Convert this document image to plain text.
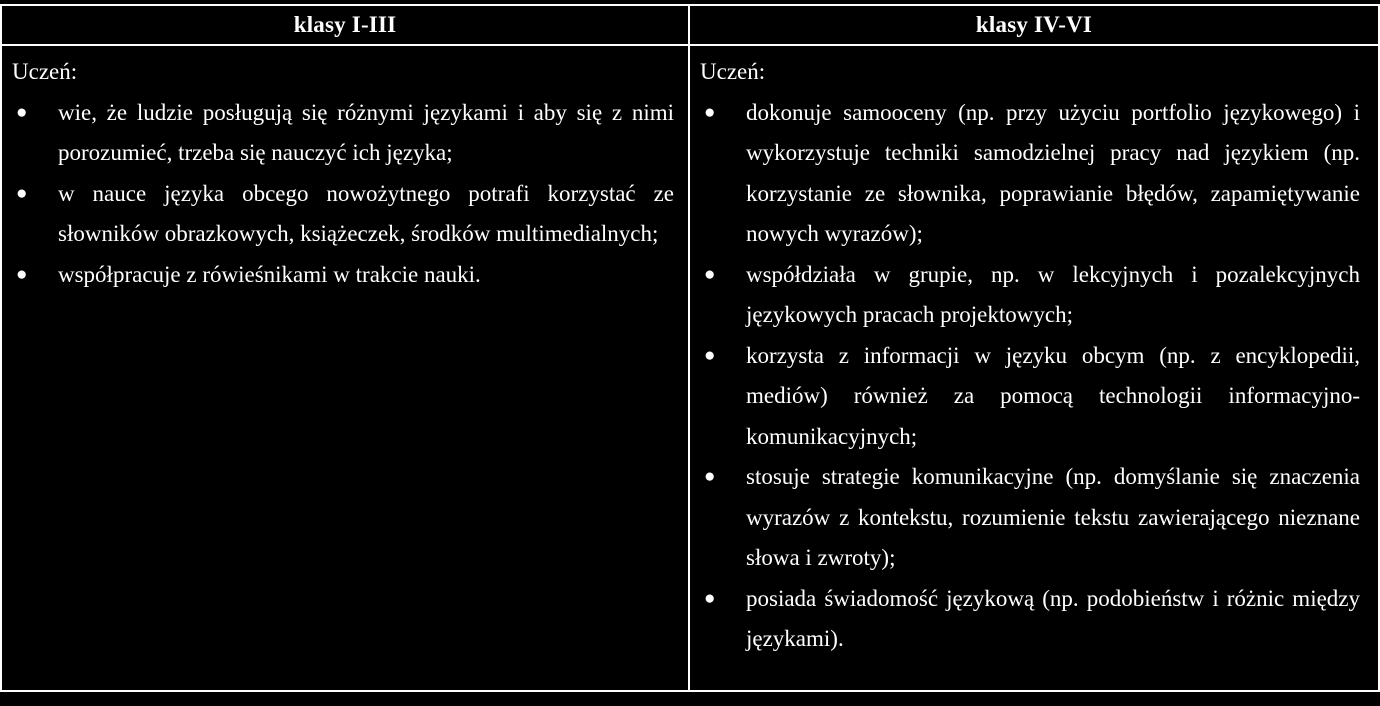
klasy I-III	klasy IV-VI
Uczeń:
● wie, że ludzie posługują się różnymi językami i aby się z nimi porozumieć, trzeba się nauczyć ich języka;
● w nauce języka obcego nowożytnego potrafi korzystać ze słowników obrazkowych, książeczek, środków multimedialnych;
● współpracuje z rówieśnikami w trakcie nauki.
Uczeń:
● dokonuje samooceny (np. przy użyciu portfolio językowego) i wykorzystuje techniki samodzielnej pracy nad językiem (np. korzystanie ze słownika, poprawianie błędów, zapamiętywanie nowych wyrazów);
● współdziała w grupie, np. w lekcyjnych i pozalekcyjnych językowych pracach projektowych;
● korzysta z informacji w języku obcym (np. z encyklopedii, mediów) również za pomocą technologii informacyjno-komunikacyjnych;
● stosuje strategie komunikacyjne (np. domyślanie się znaczenia wyrazów z kontekstu, rozumienie tekstu zawierającego nieznane słowa i zwroty);
● posiada świadomość językową (np. podobieństw i różnic między językami).
